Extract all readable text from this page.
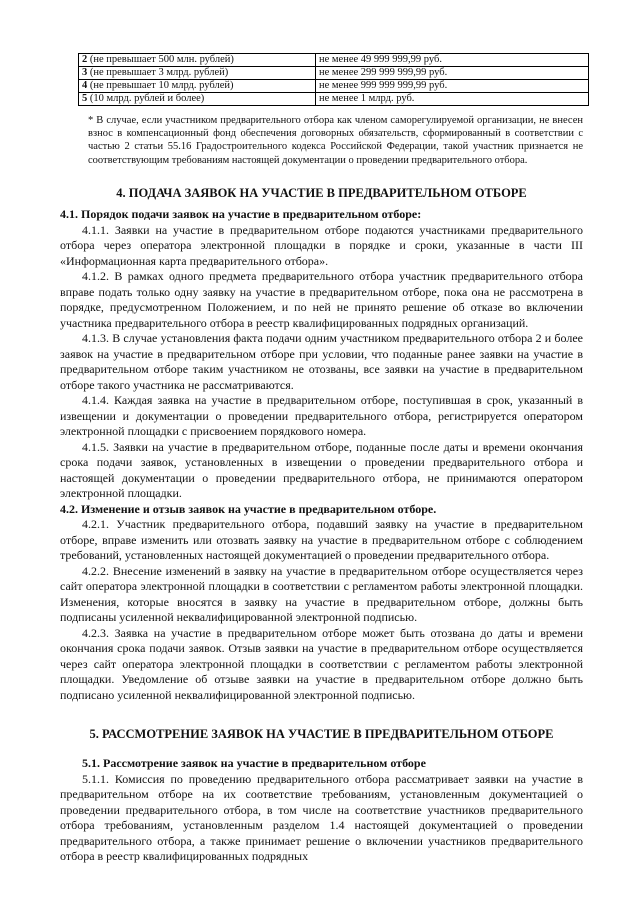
2 (не превышает 500 млн. рублей)	не менее 49 999 999,99 руб.
3 (не превышает 3 млрд. рублей)	не менее 299 999 999,99 руб.
4 (не превышает 10 млрд. рублей)	не менее 999 999 999,99 руб.
5 (10 млрд. рублей и более)	не менее 1 млрд. руб.
* В случае, если участником предварительного отбора как членом саморегулируемой организации, не внесен взнос в компенсационный фонд обеспечения договорных обязательств, сформированный в соответствии с частью 2 статьи 55.16 Градостроительного кодекса Российской Федерации, такой участник признается не соответствующим требованиям настоящей документации о проведении предварительного отбора.
4. ПОДАЧА ЗАЯВОК НА УЧАСТИЕ В ПРЕДВАРИТЕЛЬНОМ ОТБОРЕ

4.1. Порядок подачи заявок на участие в предварительном отборе:

4.1.1. Заявки на участие в предварительном отборе подаются участниками предварительного отбора через оператора электронной площадки в порядке и сроки, указанные в части III «Информационная карта предварительного отбора».

4.1.2. В рамках одного предмета предварительного отбора участник предварительного отбора вправе подать только одну заявку на участие в предварительном отборе, пока она не рассмотрена в порядке, предусмотренном Положением, и по ней не принято решение об отказе во включении участника предварительного отбора в реестр квалифицированных подрядных организаций.

4.1.3. В случае установления факта подачи одним участником предварительного отбора 2 и более заявок на участие в предварительном отборе при условии, что поданные ранее заявки на участие в предварительном отборе таким участником не отозваны, все заявки на участие в предварительном отборе такого участника не рассматриваются.

4.1.4. Каждая заявка на участие в предварительном отборе, поступившая в срок, указанный в извещении и документации о проведении предварительного отбора, регистрируется оператором электронной площадки с присвоением порядкового номера.

4.1.5. Заявки на участие в предварительном отборе, поданные после даты и времени окончания срока подачи заявок, установленных в извещении о проведении предварительного отбора и настоящей документации о проведении предварительного отбора, не принимаются оператором электронной площадки.

4.2. Изменение и отзыв заявок на участие в предварительном отборе.

4.2.1. Участник предварительного отбора, подавший заявку на участие в предварительном отборе, вправе изменить или отозвать заявку на участие в предварительном отборе с соблюдением требований, установленных настоящей документацией о проведении предварительного отбора.

4.2.2. Внесение изменений в заявку на участие в предварительном отборе осуществляется через сайт оператора электронной площадки в соответствии с регламентом работы электронной площадки. Изменения, которые вносятся в заявку на участие в предварительном отборе, должны быть подписаны усиленной неквалифицированной электронной подписью.

4.2.3. Заявка на участие в предварительном отборе может быть отозвана до даты и времени окончания срока подачи заявок. Отзыв заявки на участие в предварительном отборе осуществляется через сайт оператора электронной площадки в соответствии с регламентом работы электронной площадки. Уведомление об отзыве заявки на участие в предварительном отборе должно быть подписано усиленной неквалифицированной электронной подписью.

5. РАССМОТРЕНИЕ ЗАЯВОК НА УЧАСТИЕ В ПРЕДВАРИТЕЛЬНОМ ОТБОРЕ

5.1. Рассмотрение заявок на участие в предварительном отборе

5.1.1. Комиссия по проведению предварительного отбора рассматривает заявки на участие в предварительном отборе на их соответствие требованиям, установленным документацией о проведении предварительного отбора, в том числе на соответствие участников предварительного отбора требованиям, установленным разделом 1.4 настоящей документацией о проведении предварительного отбора, а также принимает решение о включении участников предварительного отбора в реестр квалифицированных подрядных
